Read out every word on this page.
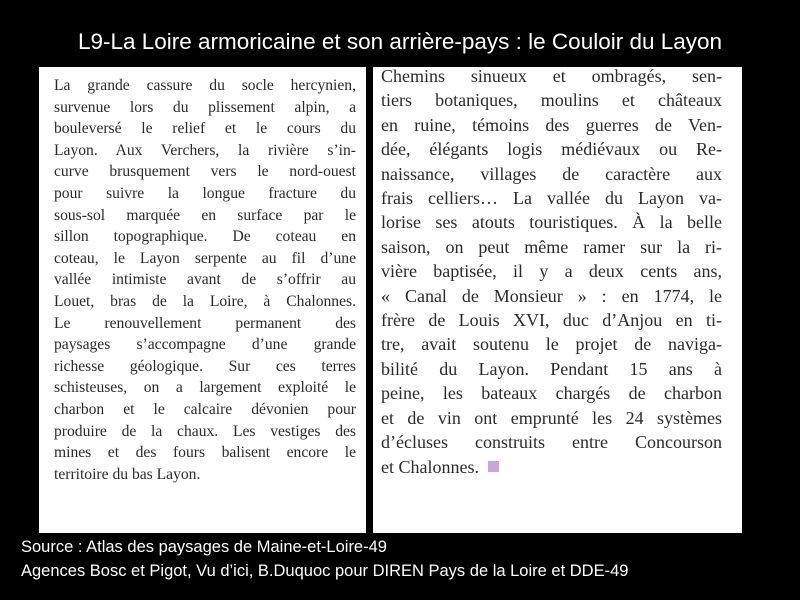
L9-La Loire armoricaine et son arrière-pays : le Couloir du Layon
La grande cassure du socle hercynien,
survenue lors du plissement alpin, a
bouleversé le relief et le cours du
Layon. Aux Verchers, la rivière s’in-
curve brusquement vers le nord-ouest
pour suivre la longue fracture du
sous-sol marquée en surface par le
sillon topographique. De coteau en
coteau, le Layon serpente au fil d’une
vallée intimiste avant de s’offrir au
Louet, bras de la Loire, à Chalonnes.
Le renouvellement permanent des
paysages s’accompagne d’une grande
richesse géologique. Sur ces terres
schisteuses, on a largement exploité le
charbon et le calcaire dévonien pour
produire de la chaux. Les vestiges des
mines et des fours balisent encore le
territoire du bas Layon.
Chemins sinueux et ombragés, sen-
tiers botaniques, moulins et châteaux
en ruine, témoins des guerres de Ven-
dée, élégants logis médiévaux ou Re-
naissance, villages de caractère aux
frais celliers… La vallée du Layon va-
lorise ses atouts touristiques. À la belle
saison, on peut même ramer sur la ri-
vière baptisée, il y a deux cents ans,
« Canal de Monsieur » : en 1774, le
frère de Louis XVI, duc d’Anjou en ti-
tre, avait soutenu le projet de naviga-
bilité du Layon. Pendant 15 ans à
peine, les bateaux chargés de charbon
et de vin ont emprunté les 24 systèmes
d’écluses construits entre Concourson
et Chalonnes.
Source : Atlas des paysages de Maine-et-Loire-49
Agences Bosc et Pigot, Vu d’ici, B.Duquoc pour DIREN Pays de la Loire et DDE-49
